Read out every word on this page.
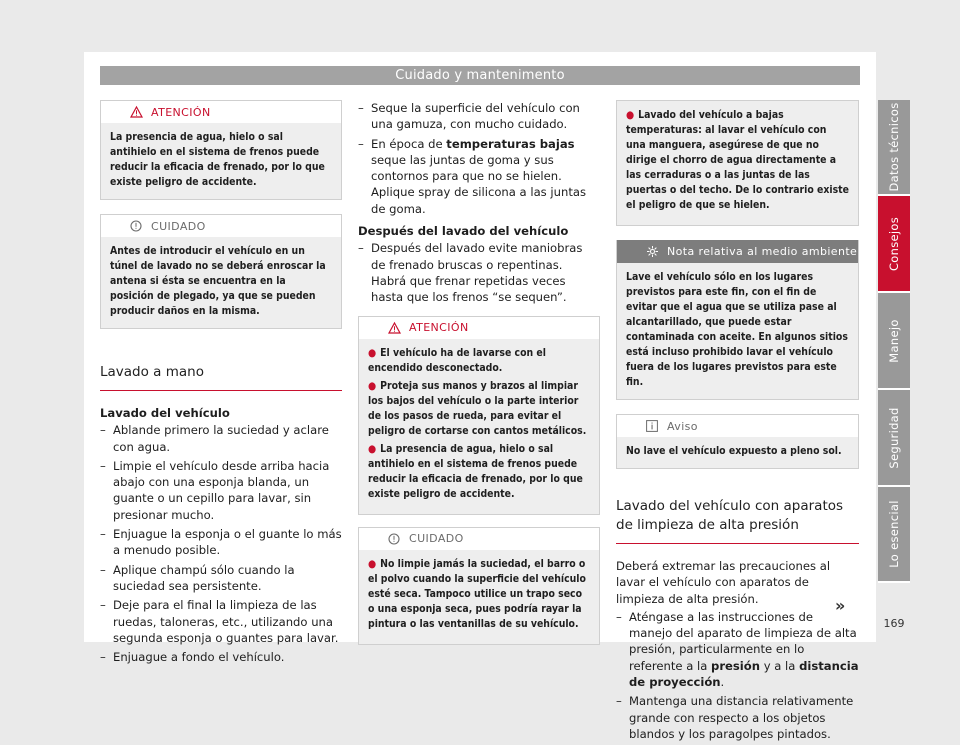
Cuidado y mantenimento
ATENCIÓN
La presencia de agua, hielo o sal antihielo en el sistema de frenos puede reducir la eficacia de frenado, por lo que existe peligro de accidente.
CUIDADO
Antes de introducir el vehículo en un túnel de lavado no se deberá enroscar la antena si ésta se encuentra en la posición de plegado, ya que se pueden producir daños en la misma.
Lavado a mano
Lavado del vehículo
– Ablande primero la suciedad y aclare con agua.
– Limpie el vehículo desde arriba hacia abajo con una esponja blanda, un guante o un cepillo para lavar, sin presionar mucho.
– Enjuague la esponja o el guante lo más a menudo posible.
– Aplique champú sólo cuando la suciedad sea persistente.
– Deje para el final la limpieza de las ruedas, taloneras, etc., utilizando una segunda esponja o guantes para lavar.
– Enjuague a fondo el vehículo.
– Seque la superficie del vehículo con una gamuza, con mucho cuidado.
– En época de temperaturas bajas seque las juntas de goma y sus contornos para que no se hielen. Aplique spray de silicona a las juntas de goma.
Después del lavado del vehículo
– Después del lavado evite maniobras de frenado bruscas o repentinas. Habrá que frenar repetidas veces hasta que los frenos “se sequen”.
ATENCIÓN
● El vehículo ha de lavarse con el encendido desconectado.
● Proteja sus manos y brazos al limpiar los bajos del vehículo o la parte interior de los pasos de rueda, para evitar el peligro de cortarse con cantos metálicos.
● La presencia de agua, hielo o sal antihielo en el sistema de frenos puede reducir la eficacia de frenado, por lo que existe peligro de accidente.
CUIDADO
● No limpie jamás la suciedad, el barro o el polvo cuando la superficie del vehículo esté seca. Tampoco utilice un trapo seco o una esponja seca, pues podría rayar la pintura o las ventanillas de su vehículo.
● Lavado del vehículo a bajas temperaturas: al lavar el vehículo con una manguera, asegúrese de que no dirige el chorro de agua directamente a las cerraduras o a las juntas de las puertas o del techo. De lo contrario existe el peligro de que se hielen.
Nota relativa al medio ambiente
Lave el vehículo sólo en los lugares previstos para este fin, con el fin de evitar que el agua que se utiliza pase al alcantarillado, que puede estar contaminada con aceite. En algunos sitios está incluso prohibido lavar el vehículo fuera de los lugares previstos para este fin.
Aviso
No lave el vehículo expuesto a pleno sol.
Lavado del vehículo con aparatos de limpieza de alta presión
Deberá extremar las precauciones al lavar el vehículo con aparatos de limpieza de alta presión.
– Aténgase a las instrucciones de manejo del aparato de limpieza de alta presión, particularmente en lo referente a la presión y a la distancia de proyección.
– Mantenga una distancia relativamente grande con respecto a los objetos blandos y los paragolpes pintados.
»
Datos técnicos
Consejos
Manejo
Seguridad
Lo esencial
169
